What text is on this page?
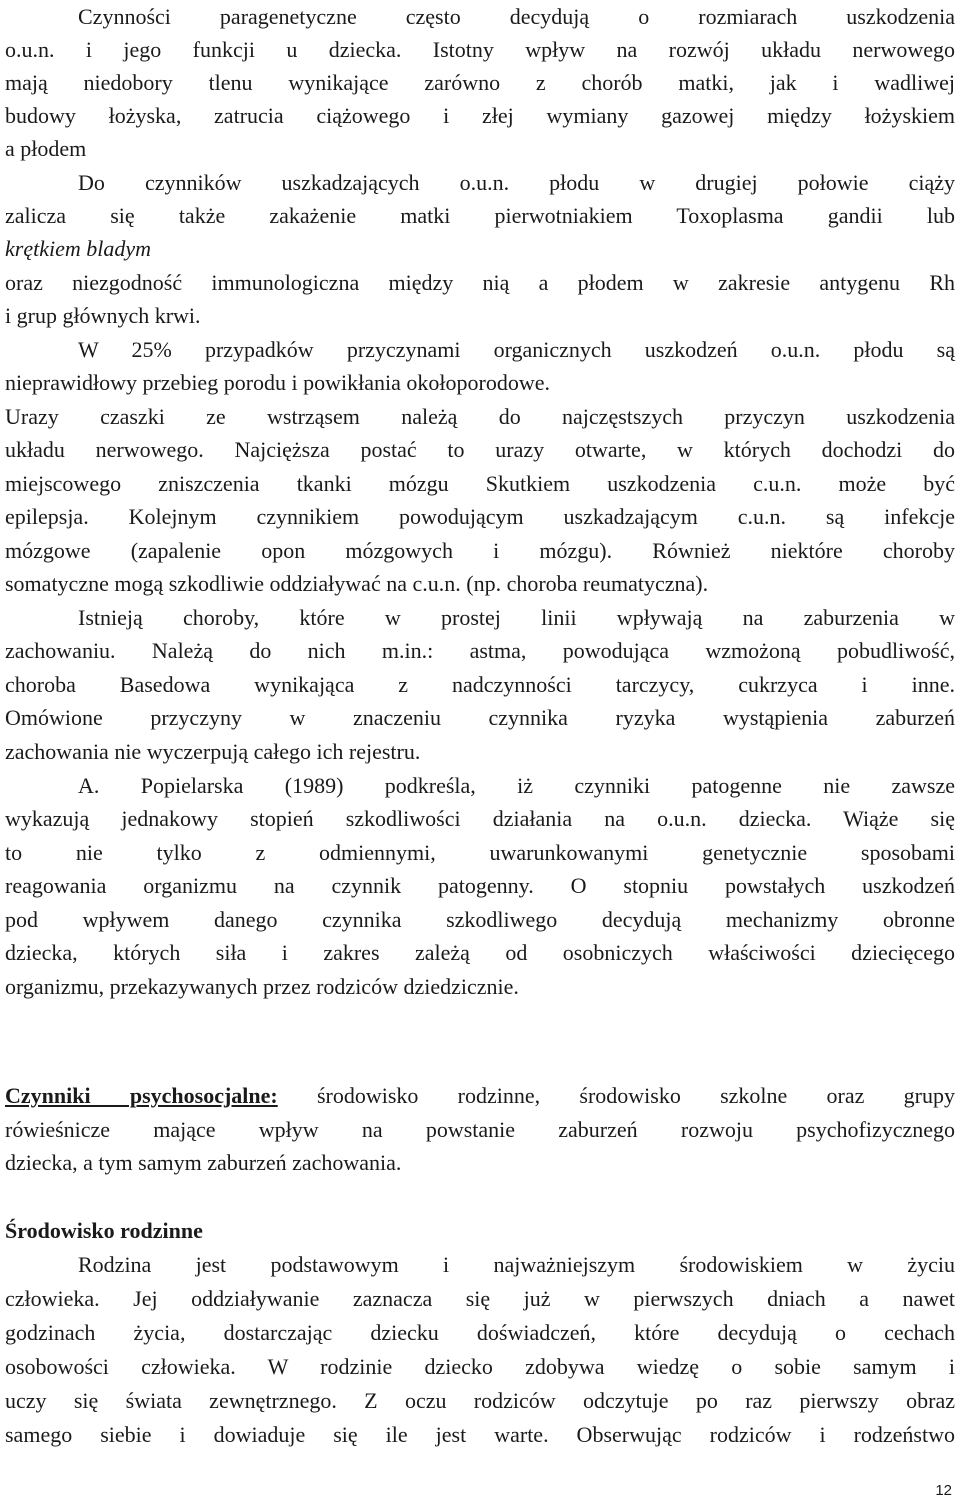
Czynności paragenetyczne często decydują o rozmiarach uszkodzenia
o.u.n. i jego funkcji u dziecka. Istotny wpływ na rozwój układu nerwowego
mają niedobory tlenu wynikające zarówno z chorób matki, jak i wadliwej
budowy łożyska, zatrucia ciążowego i złej wymiany gazowej między łożyskiem
a płodem
Do czynników uszkadzających o.u.n. płodu w drugiej połowie ciąży
zalicza się także zakażenie matki pierwotniakiem Toxoplasma gandii lub
krętkiem bladym
oraz niezgodność immunologiczna między nią a płodem w zakresie antygenu Rh
i grup głównych krwi.
W 25% przypadków przyczynami organicznych uszkodzeń o.u.n. płodu są
nieprawidłowy przebieg porodu i powikłania okołoporodowe.
Urazy czaszki ze wstrząsem należą do najczęstszych przyczyn uszkodzenia
układu nerwowego. Najcięższa postać to urazy otwarte, w których dochodzi do
miejscowego zniszczenia tkanki mózgu Skutkiem uszkodzenia c.u.n. może być
epilepsja. Kolejnym czynnikiem powodującym uszkadzającym c.u.n. są infekcje
mózgowe (zapalenie opon mózgowych i mózgu). Również niektóre choroby
somatyczne mogą szkodliwie oddziaływać na c.u.n. (np. choroba reumatyczna).
Istnieją choroby, które w prostej linii wpływają na zaburzenia w
zachowaniu. Należą do nich m.in.: astma, powodująca wzmożoną pobudliwość,
choroba Basedowa wynikająca z nadczynności tarczycy, cukrzyca i inne.
Omówione przyczyny w znaczeniu czynnika ryzyka wystąpienia zaburzeń
zachowania nie wyczerpują całego ich rejestru.
A. Popielarska (1989) podkreśla, iż czynniki patogenne nie zawsze
wykazują jednakowy stopień szkodliwości działania na o.u.n. dziecka. Wiąże się
to nie tylko z odmiennymi, uwarunkowanymi genetycznie sposobami
reagowania organizmu na czynnik patogenny. O stopniu powstałych uszkodzeń
pod wpływem danego czynnika szkodliwego decydują mechanizmy obronne
dziecka, których siła i zakres zależą od osobniczych właściwości dziecięcego
organizmu, przekazywanych przez rodziców dziedzicznie.
Czynniki psychosocjalne: środowisko rodzinne, środowisko szkolne oraz grupy
rówieśnicze mające wpływ na powstanie zaburzeń rozwoju psychofizycznego
dziecka, a tym samym zaburzeń zachowania.
Środowisko rodzinne
Rodzina jest podstawowym i najważniejszym środowiskiem w życiu
człowieka. Jej oddziaływanie zaznacza się już w pierwszych dniach a nawet
godzinach życia, dostarczając dziecku doświadczeń, które decydują o cechach
osobowości człowieka. W rodzinie dziecko zdobywa wiedzę o sobie samym i
uczy się świata zewnętrznego. Z oczu rodziców odczytuje po raz pierwszy obraz
samego siebie i dowiaduje się ile jest warte. Obserwując rodziców i rodzeństwo
12
